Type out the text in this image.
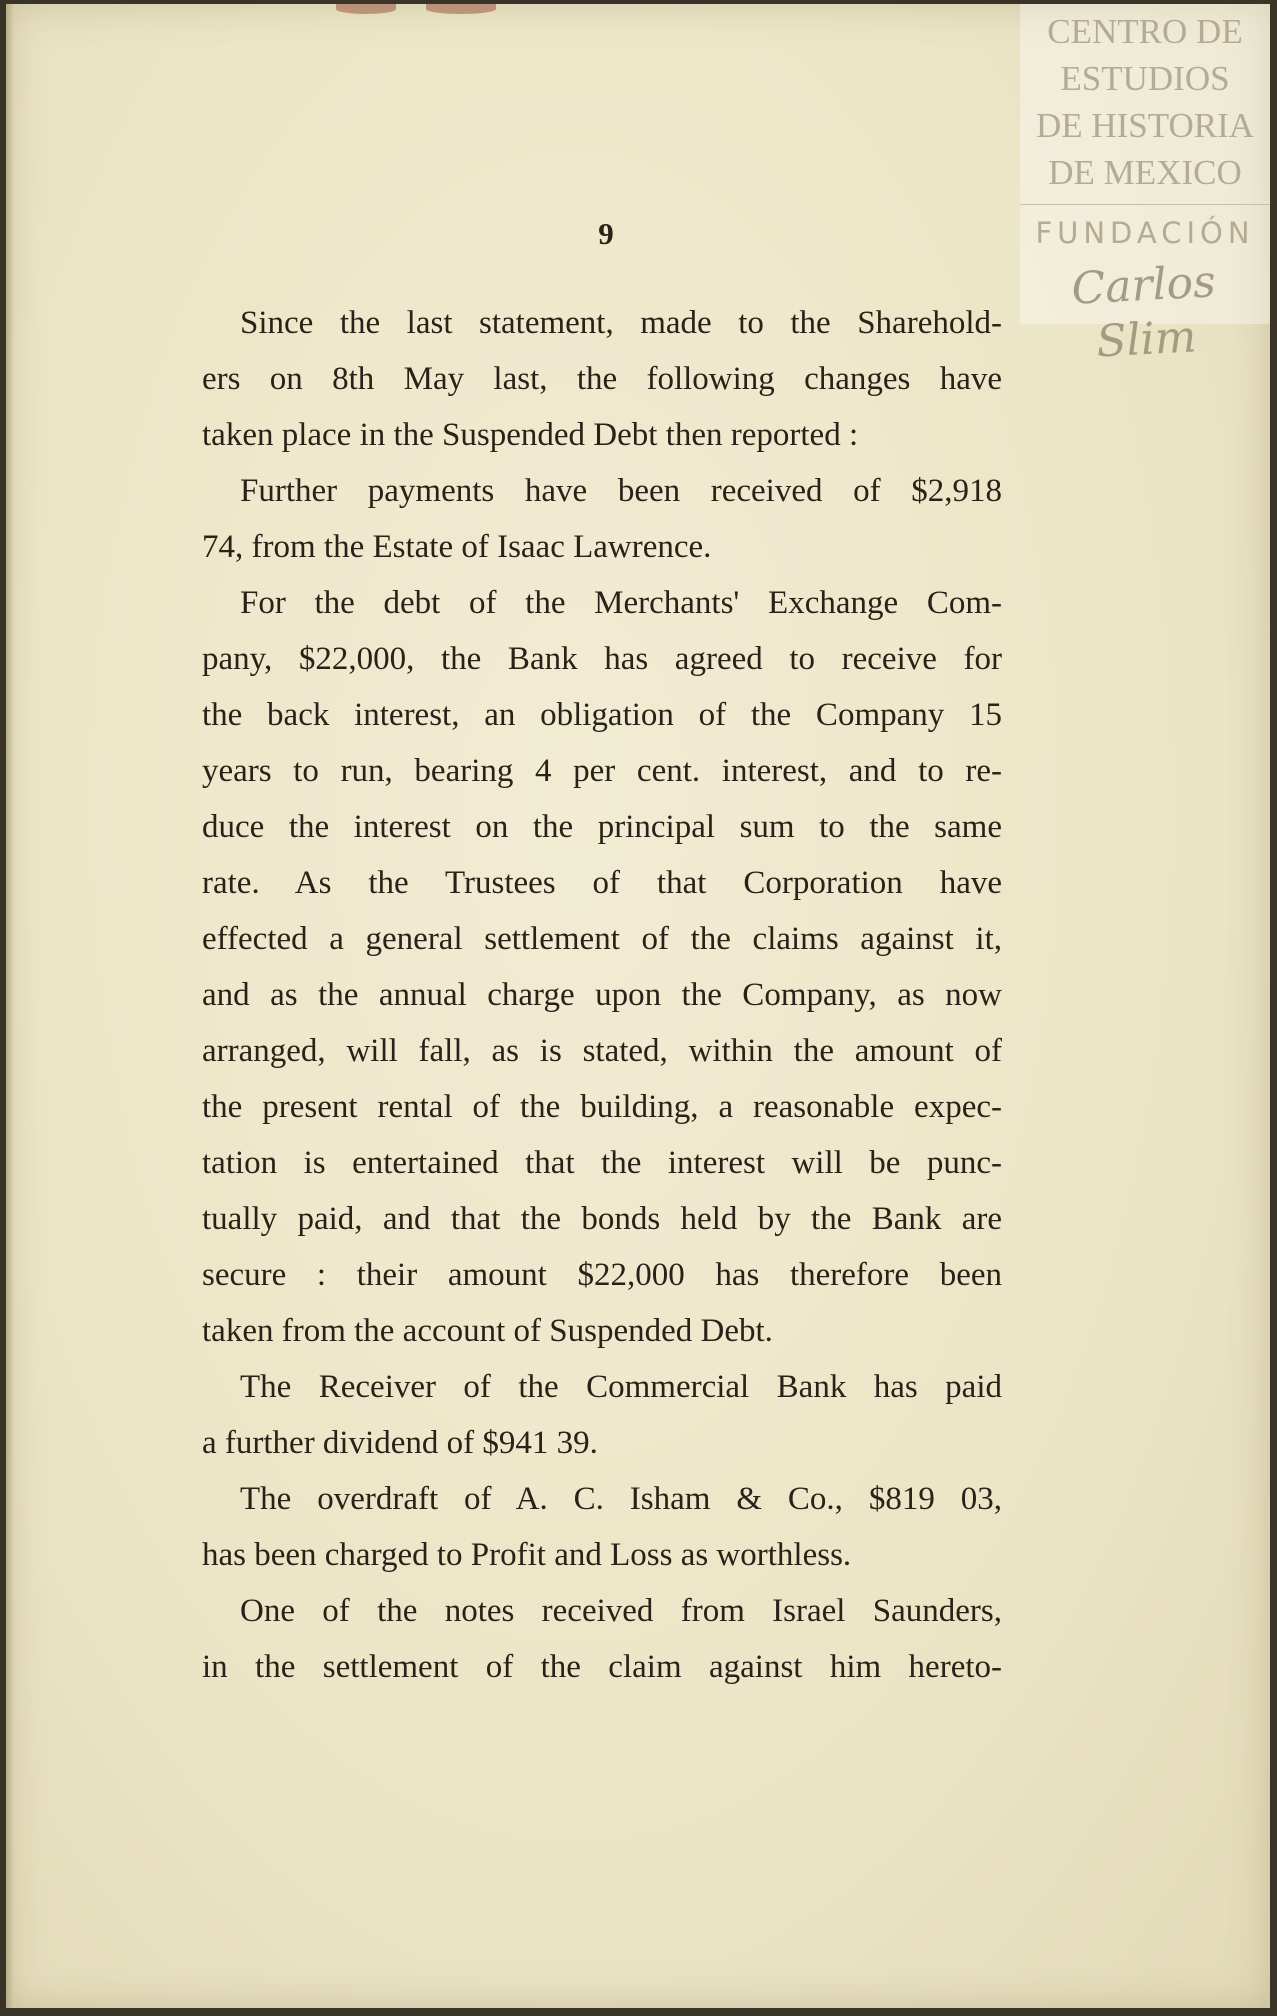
CENTRO DE
ESTUDIOS
DE HISTORIA
DE MEXICO
FUNDACIÓN
Carlos Slim
9
Since the last statement, made to the Sharehold-
ers on 8th May last, the following changes have
taken place in the Suspended Debt then reported :
Further payments have been received of $2,918
74, from the Estate of Isaac Lawrence.
For the debt of the Merchants' Exchange Com-
pany, $22,000, the Bank has agreed to receive for
the back interest, an obligation of the Company 15
years to run, bearing 4 per cent. interest, and to re-
duce the interest on the principal sum to the same
rate. As the Trustees of that Corporation have
effected a general settlement of the claims against it,
and as the annual charge upon the Company, as now
arranged, will fall, as is stated, within the amount of
the present rental of the building, a reasonable expec-
tation is entertained that the interest will be punc-
tually paid, and that the bonds held by the Bank are
secure : their amount $22,000 has therefore been
taken from the account of Suspended Debt.
The Receiver of the Commercial Bank has paid
a further dividend of $941 39.
The overdraft of A. C. Isham & Co., $819 03,
has been charged to Profit and Loss as worthless.
One of the notes received from Israel Saunders,
in the settlement of the claim against him hereto-
